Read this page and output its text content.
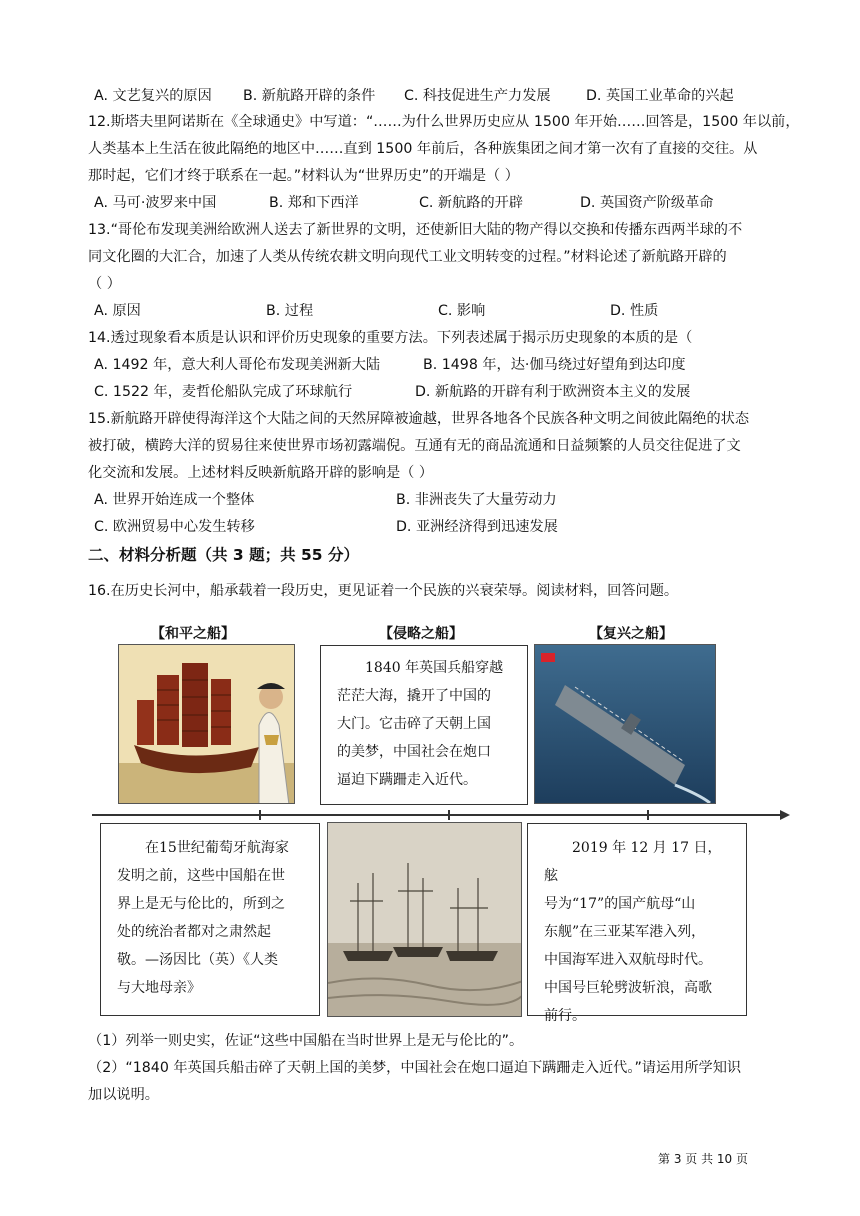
A. 文艺复兴的原因 B. 新航路开辟的条件 C. 科技促进生产力发展 D. 英国工业革命的兴起
12.斯塔夫里阿诺斯在《全球通史》中写道：“……为什么世界历史应从 1500 年开始……回答是，1500 年以前，
人类基本上生活在彼此隔绝的地区中……直到 1500 年前后，各种族集团之间才第一次有了直接的交往。从
那时起，它们才终于联系在一起。”材料认为“世界历史”的开端是（ ）
A. 马可·波罗来中国	B. 郑和下西洋	C. 新航路的开辟	D. 英国资产阶级革命
13.“哥伦布发现美洲给欧洲人送去了新世界的文明，还使新旧大陆的物产得以交换和传播东西两半球的不
同文化圈的大汇合，加速了人类从传统农耕文明向现代工业文明转变的过程。”材料论述了新航路开辟的
（ ）
A. 原因	B. 过程	C. 影响	D. 性质
14.透过现象看本质是认识和评价历史现象的重要方法。下列表述属于揭示历史现象的本质的是（
A. 1492 年，意大利人哥伦布发现美洲新大陆	B. 1498 年，达·伽马绕过好望角到达印度
C. 1522 年，麦哲伦船队完成了环球航行	D. 新航路的开辟有利于欧洲资本主义的发展
15.新航路开辟使得海洋这个大陆之间的天然屏障被逾越，世界各地各个民族各种文明之间彼此隔绝的状态
被打破，横跨大洋的贸易往来使世界市场初露端倪。互通有无的商品流通和日益频繁的人员交往促进了文
化交流和发展。上述材料反映新航路开辟的影响是（ ）
A. 世界开始连成一个整体	B. 非洲丧失了大量劳动力
C. 欧洲贸易中心发生转移	D. 亚洲经济得到迅速发展
二、材料分析题（共 3 题；共 55 分）
16.在历史长河中，船承载着一段历史，更见证着一个民族的兴衰荣辱。阅读材料，回答问题。
【和平之船】	【侵略之船】	【复兴之船】
1840 年英国兵船穿越
茫茫大海，撬开了中国的
大门。它击碎了天朝上国
的美梦，中国社会在炮口
逼迫下蹒跚走入近代。
在15世纪葡萄牙航海家
发明之前，这些中国船在世
界上是无与伦比的，所到之
处的统治者都对之肃然起
敬。—汤因比（英）《人类
与大地母亲》
2019 年 12 月 17 日，舷
号为“17”的国产航母“山
东舰”在三亚某军港入列，
中国海军进入双航母时代。
中国号巨轮劈波斩浪，高歌
前行。
（1）列举一则史实，佐证“这些中国船在当时世界上是无与伦比的”。
（2）“1840 年英国兵船击碎了天朝上国的美梦，中国社会在炮口逼迫下蹒跚走入近代。”请运用所学知识
加以说明。
第 3 页 共 10 页
